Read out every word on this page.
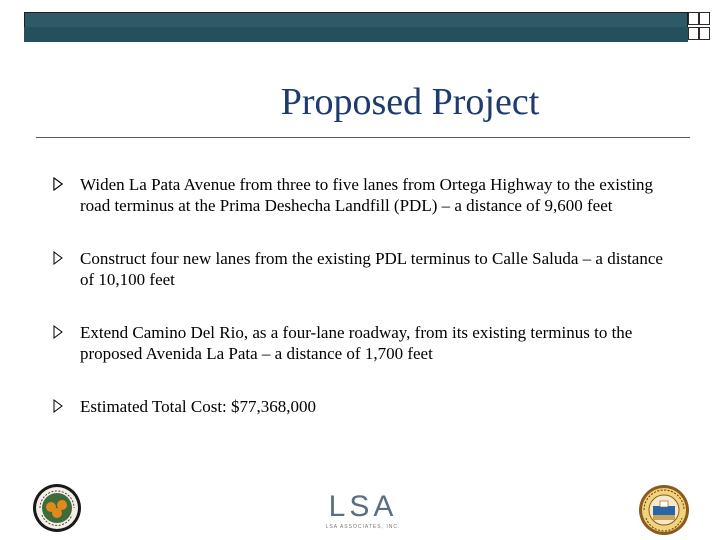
Proposed Project
Widen La Pata Avenue from three to five lanes from Ortega Highway to the existing road terminus at the Prima Deshecha Landfill (PDL) – a distance of 9,600 feet
Construct four new lanes from the existing PDL terminus to Calle Saluda – a distance of 10,100 feet
Extend Camino Del Rio, as a four-lane roadway, from its existing terminus to the proposed Avenida La Pata – a distance of 1,700 feet
Estimated Total Cost: $77,368,000
LSA
LSA ASSOCIATES, INC.
